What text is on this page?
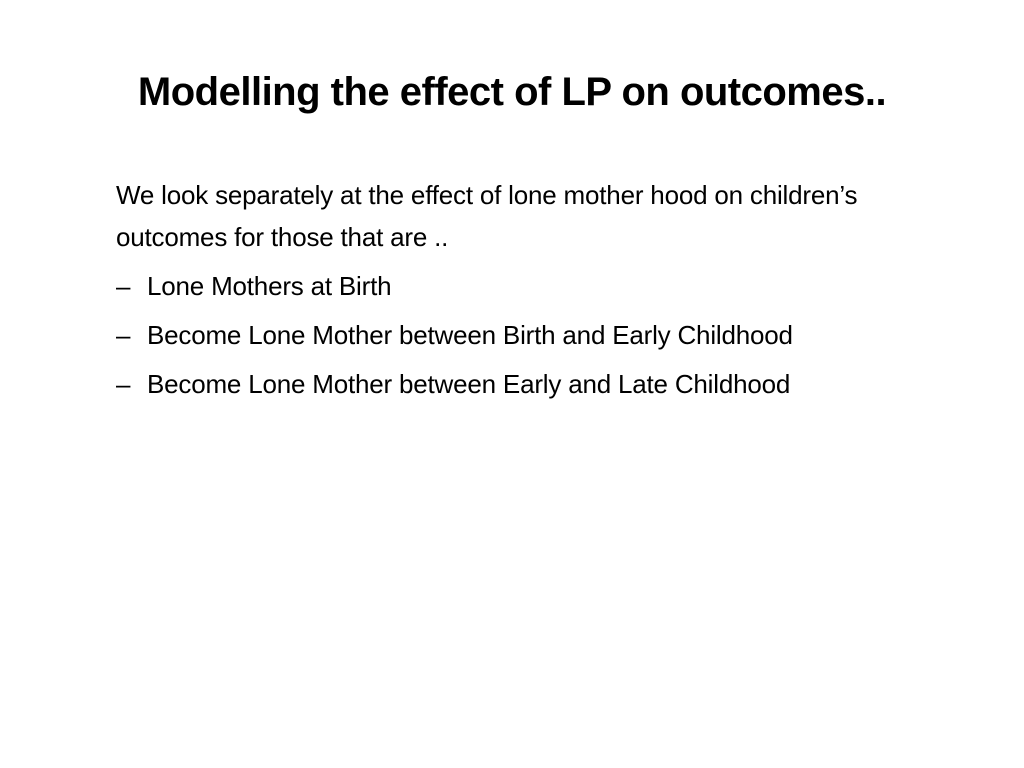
Modelling the effect of LP on outcomes..

We look separately at the effect of lone mother hood on children’s outcomes for those that are ..

– Lone Mothers at Birth
– Become Lone Mother between Birth and Early Childhood
– Become Lone Mother between Early and Late Childhood
